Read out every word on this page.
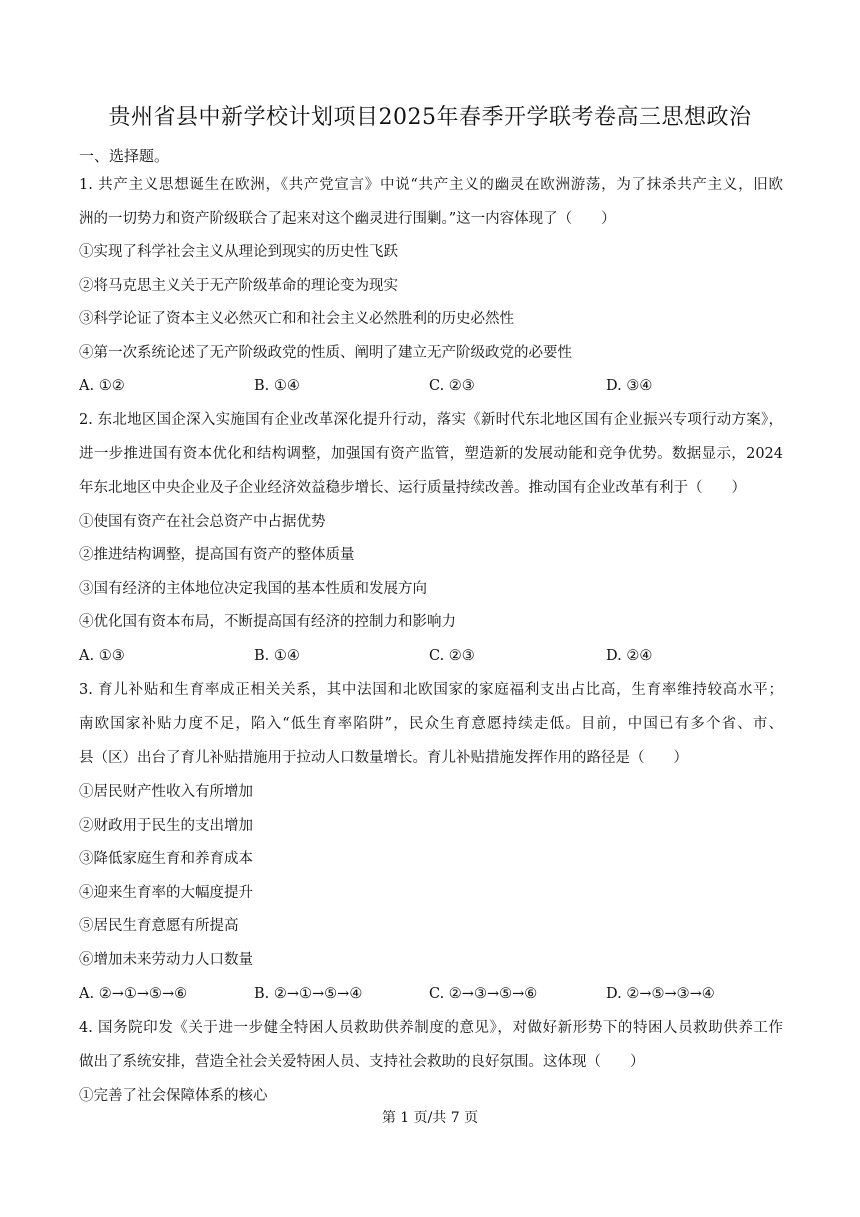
贵州省县中新学校计划项目2025年春季开学联考卷高三思想政治
一、选择题。
1. 共产主义思想诞生在欧洲，《共产党宣言》中说“共产主义的幽灵在欧洲游荡，为了抹杀共产主义，旧欧
洲的一切势力和资产阶级联合了起来对这个幽灵进行围剿。”这一内容体现了（　　）
①实现了科学社会主义从理论到现实的历史性飞跃
②将马克思主义关于无产阶级革命的理论变为现实
③科学论证了资本主义必然灭亡和和社会主义必然胜利的历史必然性
④第一次系统论述了无产阶级政党的性质、阐明了建立无产阶级政党的必要性
A. ①②	B. ①④	C. ②③	D. ③④
2. 东北地区国企深入实施国有企业改革深化提升行动，落实《新时代东北地区国有企业振兴专项行动方案》，
进一步推进国有资本优化和结构调整，加强国有资产监管，塑造新的发展动能和竞争优势。数据显示，2024
年东北地区中央企业及子企业经济效益稳步增长、运行质量持续改善。推动国有企业改革有利于（　　）
①使国有资产在社会总资产中占据优势
②推进结构调整，提高国有资产的整体质量
③国有经济的主体地位决定我国的基本性质和发展方向
④优化国有资本布局，不断提高国有经济的控制力和影响力
A. ①③	B. ①④	C. ②③	D. ②④
3. 育儿补贴和生育率成正相关关系，其中法国和北欧国家的家庭福利支出占比高，生育率维持较高水平；
南欧国家补贴力度不足，陷入“低生育率陷阱”，民众生育意愿持续走低。目前，中国已有多个省、市、
县（区）出台了育儿补贴措施用于拉动人口数量增长。育儿补贴措施发挥作用的路径是（　　）
①居民财产性收入有所增加
②财政用于民生的支出增加
③降低家庭生育和养育成本
④迎来生育率的大幅度提升
⑤居民生育意愿有所提高
⑥增加未来劳动力人口数量
A. ②→①→⑤→⑥	B. ②→①→⑤→④	C. ②→③→⑤→⑥	D. ②→⑤→③→④
4. 国务院印发《关于进一步健全特困人员救助供养制度的意见》，对做好新形势下的特困人员救助供养工作
做出了系统安排，营造全社会关爱特困人员、支持社会救助的良好氛围。这体现（　　）
①完善了社会保障体系的核心
第 1 页/共 7 页
